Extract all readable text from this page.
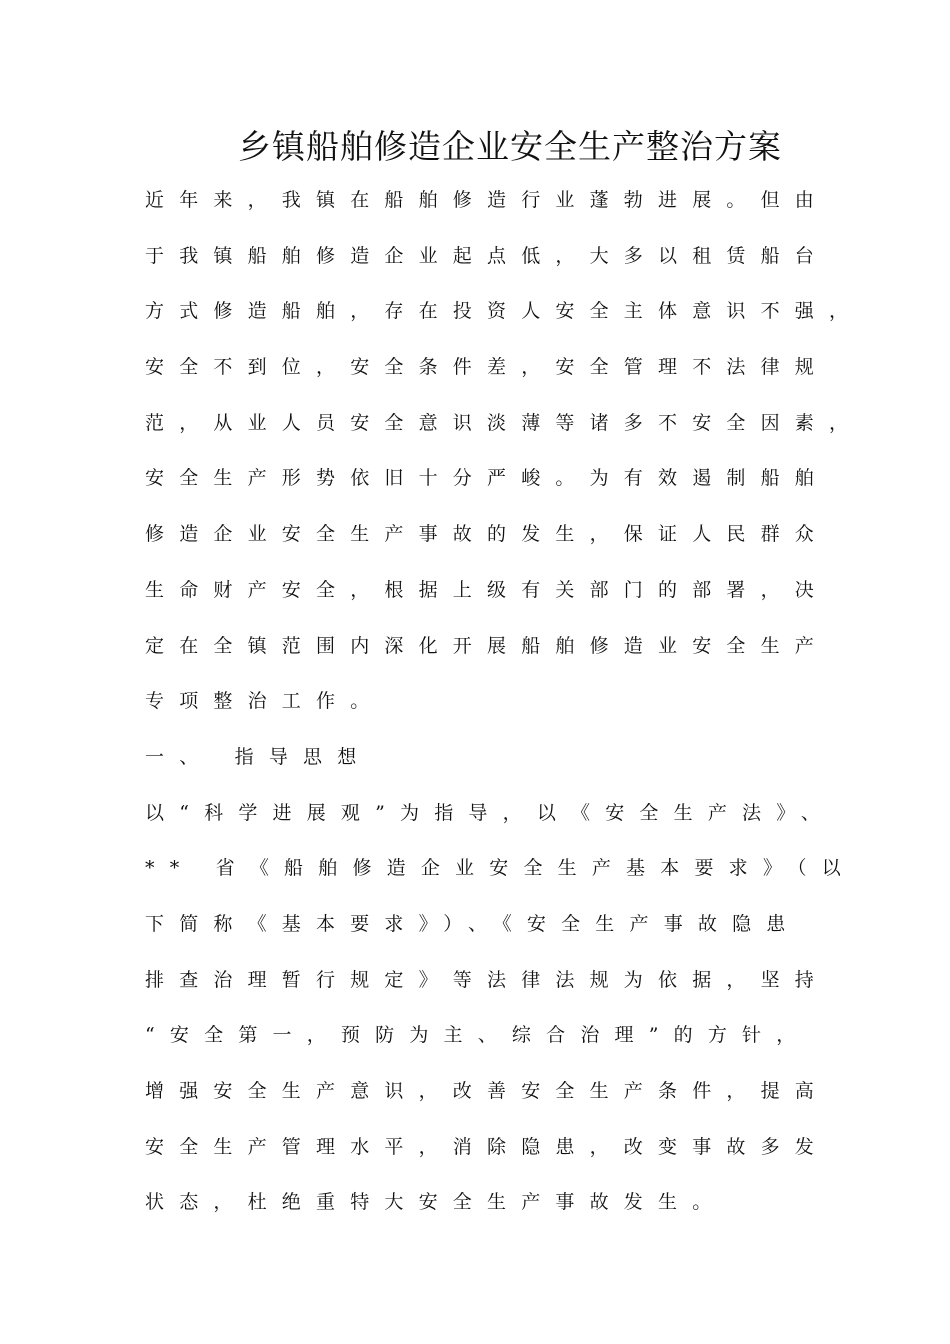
乡镇船舶修造企业安全生产整治方案
近年来，我镇在船舶修造行业蓬勃进展。但由
于我镇船舶修造企业起点低，大多以租赁船台
方式修造船舶，存在投资人安全主体意识不强，
安全不到位，安全条件差，安全管理不法律规
范，从业人员安全意识淡薄等诸多不安全因素，
安全生产形势依旧十分严峻。为有效遏制船舶
修造企业安全生产事故的发生，保证人民群众
生命财产安全，根据上级有关部门的部署，决
定在全镇范围内深化开展船舶修造业安全生产
专项整治工作。
一、 指导思想
以“科学进展观”为指导，以《安全生产法》、
** 省《船舶修造企业安全生产基本要求》（以
下简称《基本要求》）、《安全生产事故隐患
排查治理暂行规定》等法律法规为依据，坚持
“安全第一，预防为主、综合治理”的方针，
增强安全生产意识，改善安全生产条件，提高
安全生产管理水平，消除隐患，改变事故多发
状态，杜绝重特大安全生产事故发生。
